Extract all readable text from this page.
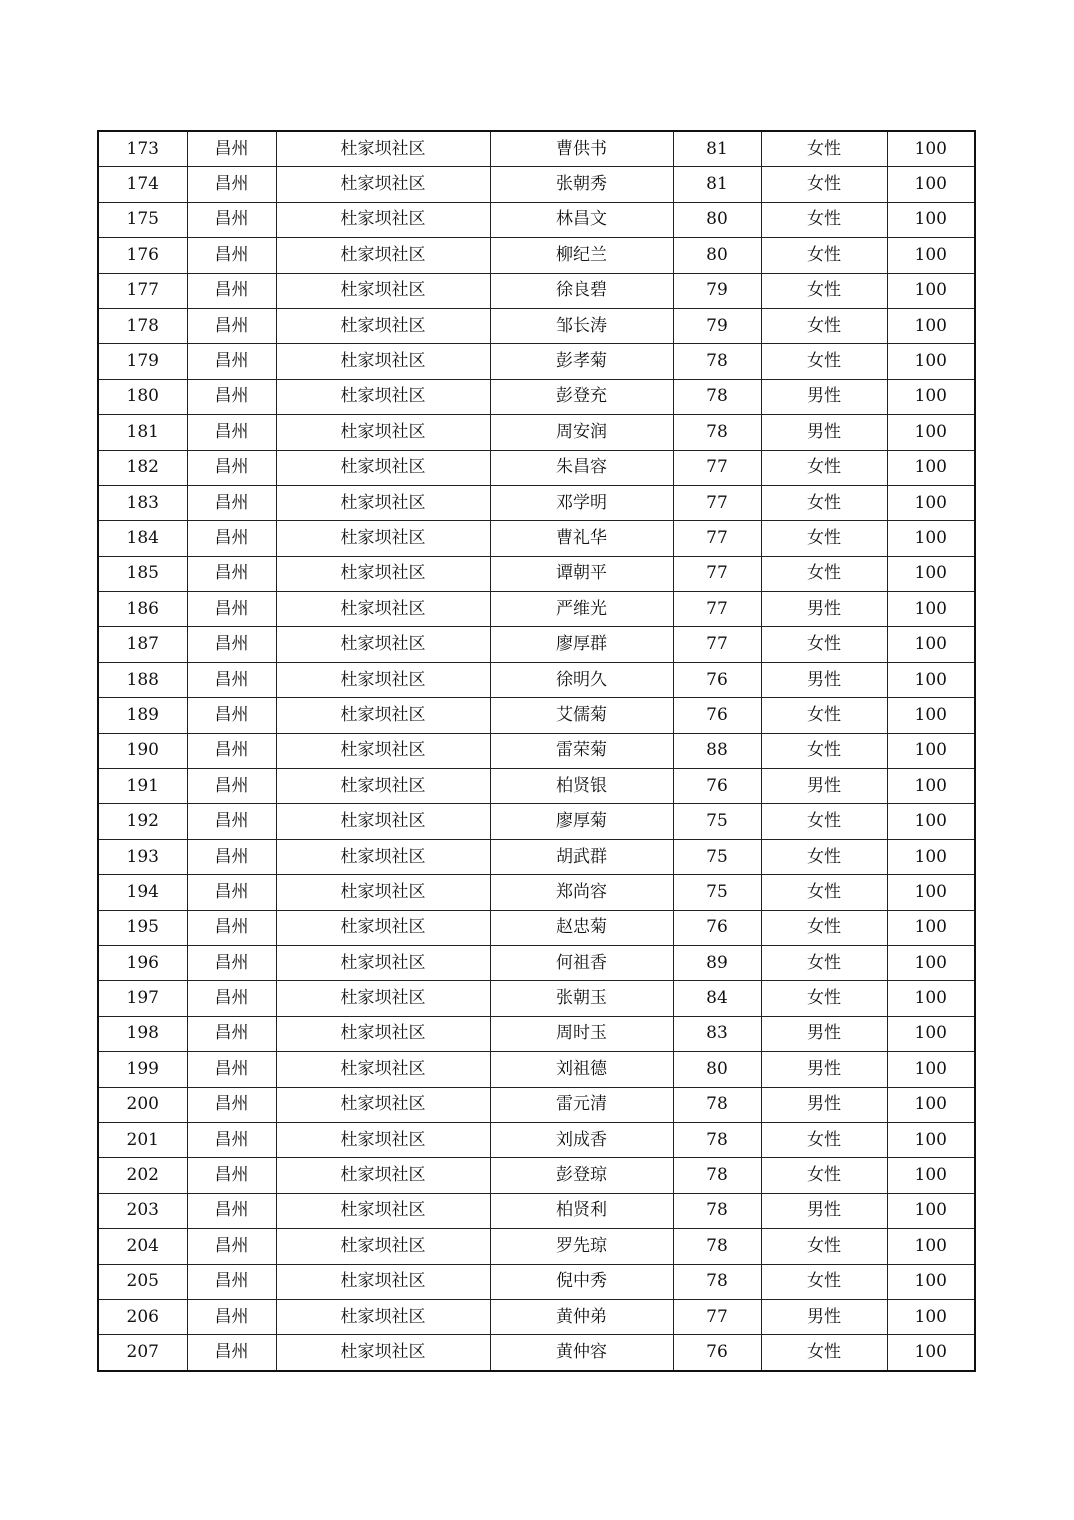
173	昌州	杜家坝社区	曹供书	81	女性	100
174	昌州	杜家坝社区	张朝秀	81	女性	100
175	昌州	杜家坝社区	林昌文	80	女性	100
176	昌州	杜家坝社区	柳纪兰	80	女性	100
177	昌州	杜家坝社区	徐良碧	79	女性	100
178	昌州	杜家坝社区	邹长涛	79	女性	100
179	昌州	杜家坝社区	彭孝菊	78	女性	100
180	昌州	杜家坝社区	彭登充	78	男性	100
181	昌州	杜家坝社区	周安润	78	男性	100
182	昌州	杜家坝社区	朱昌容	77	女性	100
183	昌州	杜家坝社区	邓学明	77	女性	100
184	昌州	杜家坝社区	曹礼华	77	女性	100
185	昌州	杜家坝社区	谭朝平	77	女性	100
186	昌州	杜家坝社区	严维光	77	男性	100
187	昌州	杜家坝社区	廖厚群	77	女性	100
188	昌州	杜家坝社区	徐明久	76	男性	100
189	昌州	杜家坝社区	艾儒菊	76	女性	100
190	昌州	杜家坝社区	雷荣菊	88	女性	100
191	昌州	杜家坝社区	柏贤银	76	男性	100
192	昌州	杜家坝社区	廖厚菊	75	女性	100
193	昌州	杜家坝社区	胡武群	75	女性	100
194	昌州	杜家坝社区	郑尚容	75	女性	100
195	昌州	杜家坝社区	赵忠菊	76	女性	100
196	昌州	杜家坝社区	何祖香	89	女性	100
197	昌州	杜家坝社区	张朝玉	84	女性	100
198	昌州	杜家坝社区	周时玉	83	男性	100
199	昌州	杜家坝社区	刘祖德	80	男性	100
200	昌州	杜家坝社区	雷元清	78	男性	100
201	昌州	杜家坝社区	刘成香	78	女性	100
202	昌州	杜家坝社区	彭登琼	78	女性	100
203	昌州	杜家坝社区	柏贤利	78	男性	100
204	昌州	杜家坝社区	罗先琼	78	女性	100
205	昌州	杜家坝社区	倪中秀	78	女性	100
206	昌州	杜家坝社区	黄仲弟	77	男性	100
207	昌州	杜家坝社区	黄仲容	76	女性	100
